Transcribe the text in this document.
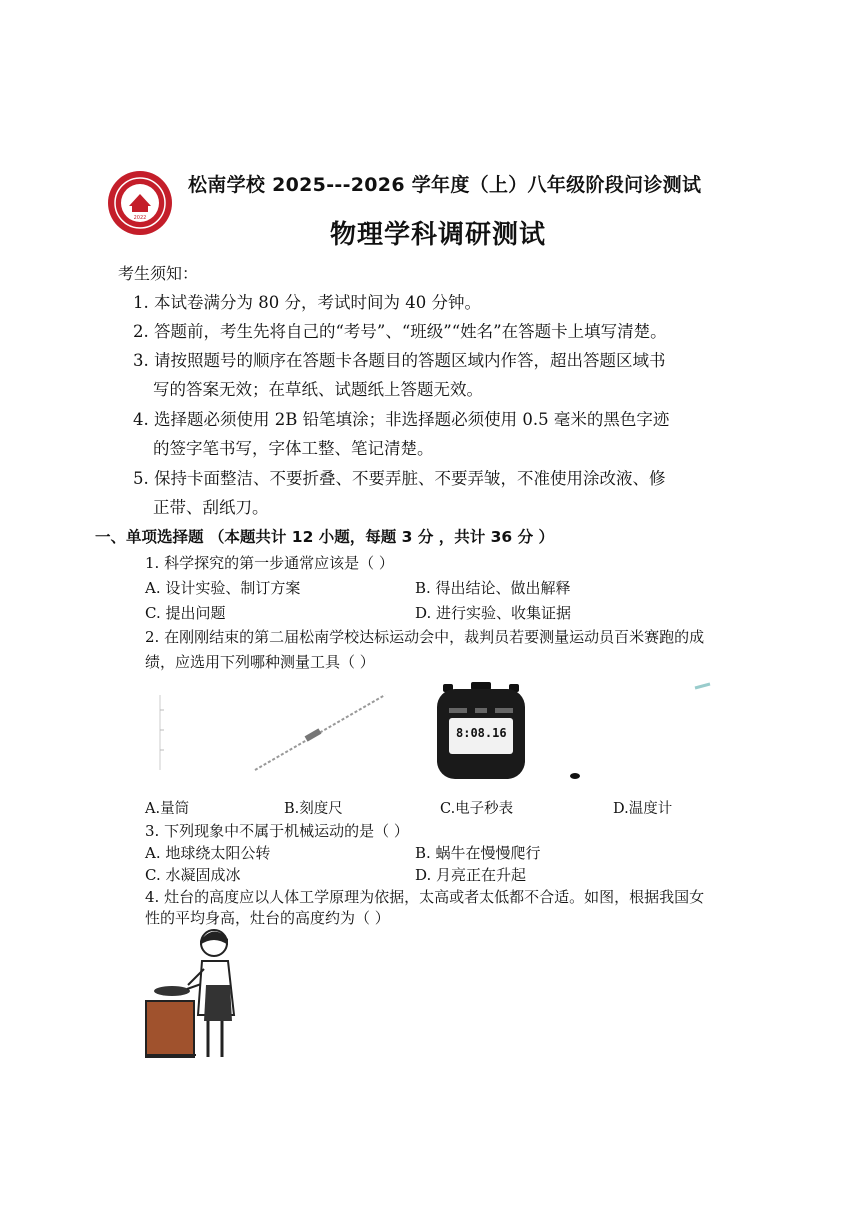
2022
松南学校 2025---2026 学年度（上）八年级阶段问诊测试
物理学科调研测试
考生须知：
1. 本试卷满分为 80 分，考试时间为 40 分钟。
2. 答题前，考生先将自己的“考号”、“班级”“姓名”在答题卡上填写清楚。
3. 请按照题号的顺序在答题卡各题目的答题区域内作答，超出答题区域书
写的答案无效；在草纸、试题纸上答题无效。
4. 选择题必须使用 2B 铅笔填涂；非选择题必须使用 0.5 毫米的黑色字迹
的签字笔书写，字体工整、笔记清楚。
5. 保持卡面整洁、不要折叠、不要弄脏、不要弄皱，不准使用涂改液、修
正带、刮纸刀。
一、单项选择题 （本题共计 12 小题，每题 3 分 ，共计 36 分 ）
1. 科学探究的第一步通常应该是（ ）
A. 设计实验、制订方案	B. 得出结论、做出解释
C. 提出问题	D. 进行实验、收集证据
2. 在刚刚结束的第二届松南学校达标运动会中，裁判员若要测量运动员百米赛跑的成
绩，应选用下列哪种测量工具（ ）
8:08.16
A.量筒	B.刻度尺	C.电子秒表	D.温度计
3. 下列现象中不属于机械运动的是（ ）
A. 地球绕太阳公转	B. 蜗牛在慢慢爬行
C. 水凝固成冰	D. 月亮正在升起
4. 灶台的高度应以人体工学原理为依据，太高或者太低都不合适。如图，根据我国女
性的平均身高，灶台的高度约为（ ）
